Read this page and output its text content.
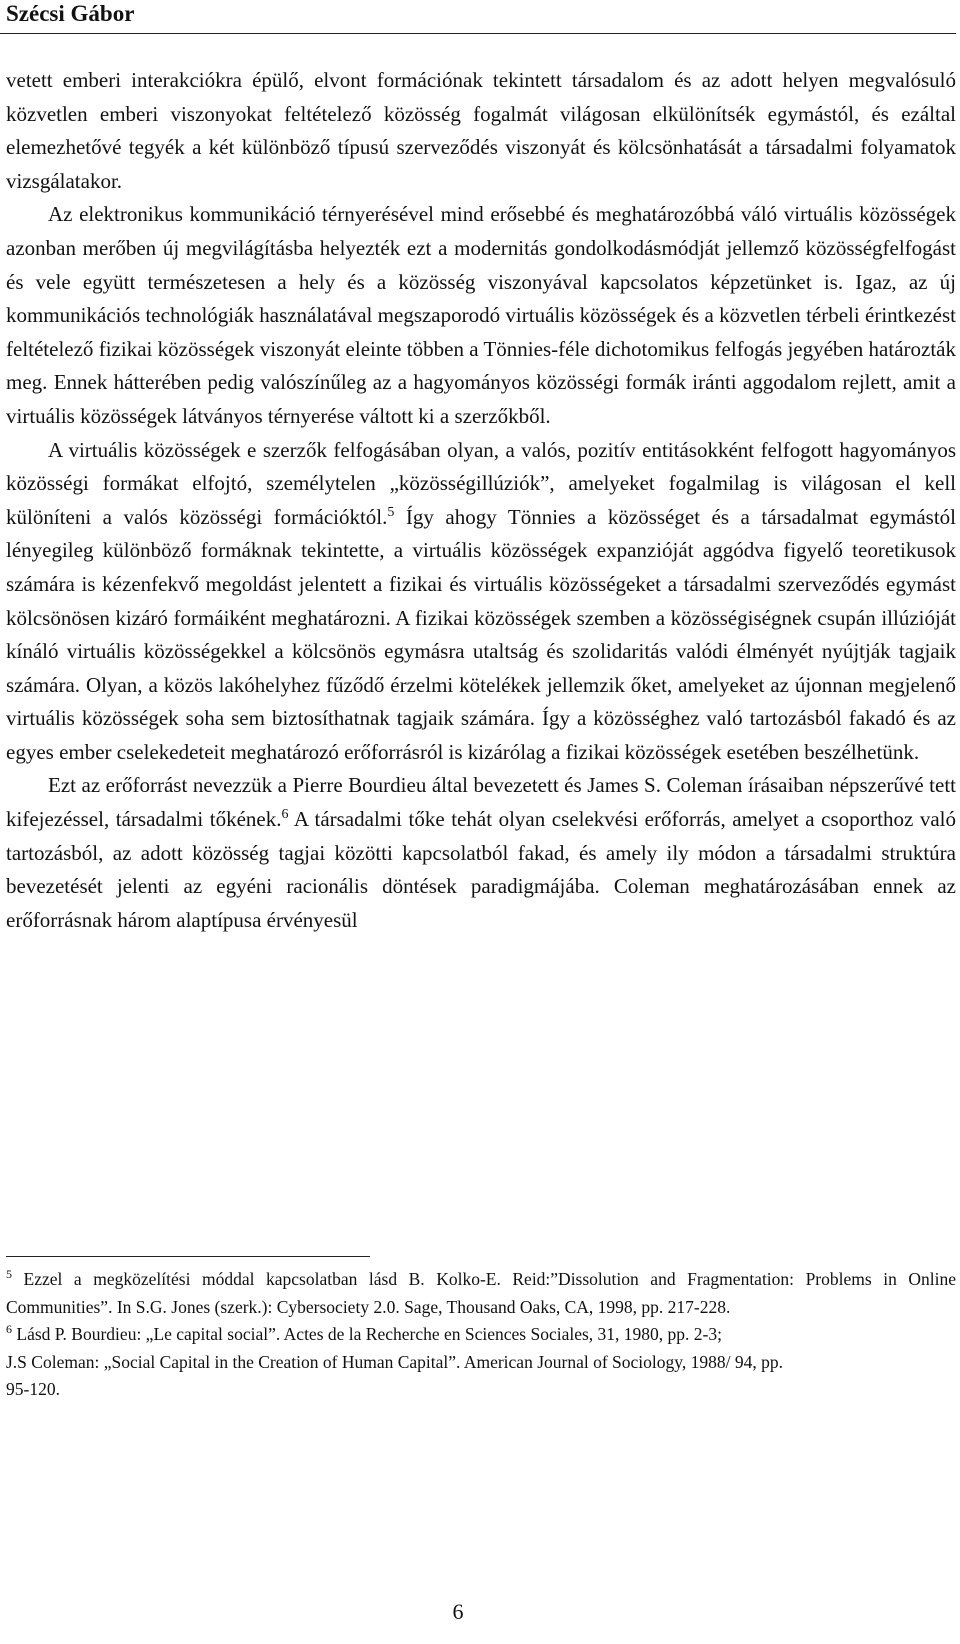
Szécsi Gábor

vetett emberi interakciókra épülő, elvont formációnak tekintett társadalom és az adott helyen megvalósuló közvetlen emberi viszonyokat feltételező közösség fogalmát világosan elkülönítsék egymástól, és ezáltal elemezhetővé tegyék a két különböző típusú szerveződés viszonyát és kölcsönhatását a társadalmi folyamatok vizsgálatakor.

Az elektronikus kommunikáció térnyerésével mind erősebbé és meghatározóbbá váló virtuális közösségek azonban merőben új megvilágításba helyezték ezt a modernitás gondolkodásmódját jellemző közösségfelfogást és vele együtt természetesen a hely és a közösség viszonyával kapcsolatos képzetünket is. Igaz, az új kommunikációs technológiák használatával megszaporodó virtuális közösségek és a közvetlen térbeli érintkezést feltételező fizikai közösségek viszonyát eleinte többen a Tönnies-féle dichotomikus felfogás jegyében határozták meg. Ennek hátterében pedig valószínűleg az a hagyományos közösségi formák iránti aggodalom rejlett, amit a virtuális közösségek látványos térnyerése váltott ki a szerzőkből.

A virtuális közösségek e szerzők felfogásában olyan, a valós, pozitív entitásokként felfogott hagyományos közösségi formákat elfojtó, személytelen „közösségillúziók”, amelyeket fogalmilag is világosan el kell különíteni a valós közösségi formációktól.$^5$ Így ahogy Tönnies a közösséget és a társadalmat egymástól lényegileg különböző formáknak tekintette, a virtuális közösségek expanzióját aggódva figyelő teoretikusok számára is kézenfekvő megoldást jelentett a fizikai és virtuális közösségeket a társadalmi szerveződés egymást kölcsönösen kizáró formáiként meghatározni. A fizikai közösségek szemben a közösségiségnek csupán illúzióját kínáló virtuális közösségekkel a kölcsönös egymásra utaltság és szolidaritás valódi élményét nyújtják tagjaik számára. Olyan, a közös lakóhelyhez fűződő érzelmi kötelékek jellemzik őket, amelyeket az újonnan megjelenő virtuális közösségek soha sem biztosíthatnak tagjaik számára. Így a közösséghez való tartozásból fakadó és az egyes ember cselekedeteit meghatározó erőforrásról is kizárólag a fizikai közösségek esetében beszélhetünk.

Ezt az erőforrást nevezzük a Pierre Bourdieu által bevezetett és James S. Coleman írásaiban népszerűvé tett kifejezéssel, társadalmi tőkének.$^6$ A társadalmi tőke tehát olyan cselekvési erőforrás, amelyet a csoporthoz való tartozásból, az adott közösség tagjai közötti kapcsolatból fakad, és amely ily módon a társadalmi struktúra bevezetését jelenti az egyéni racionális döntések paradigmájába. Coleman meghatározásában ennek az erőforrásnak három alaptípusa érvényesül

$^5$ Ezzel a megközelítési móddal kapcsolatban lásd B. Kolko-E. Reid:”Dissolution and Fragmentation: Problems in Online Communities”. In S.G. Jones (szerk.): Cybersociety 2.0. Sage, Thousand Oaks, CA, 1998, pp. 217-228.

$^6$ Lásd P. Bourdieu: „Le capital social”. Actes de la Recherche en Sciences Sociales, 31, 1980, pp. 2-3;

J.S Coleman: „Social Capital in the Creation of Human Capital”. American Journal of Sociology, 1988/ 94, pp.

95-120.

6
